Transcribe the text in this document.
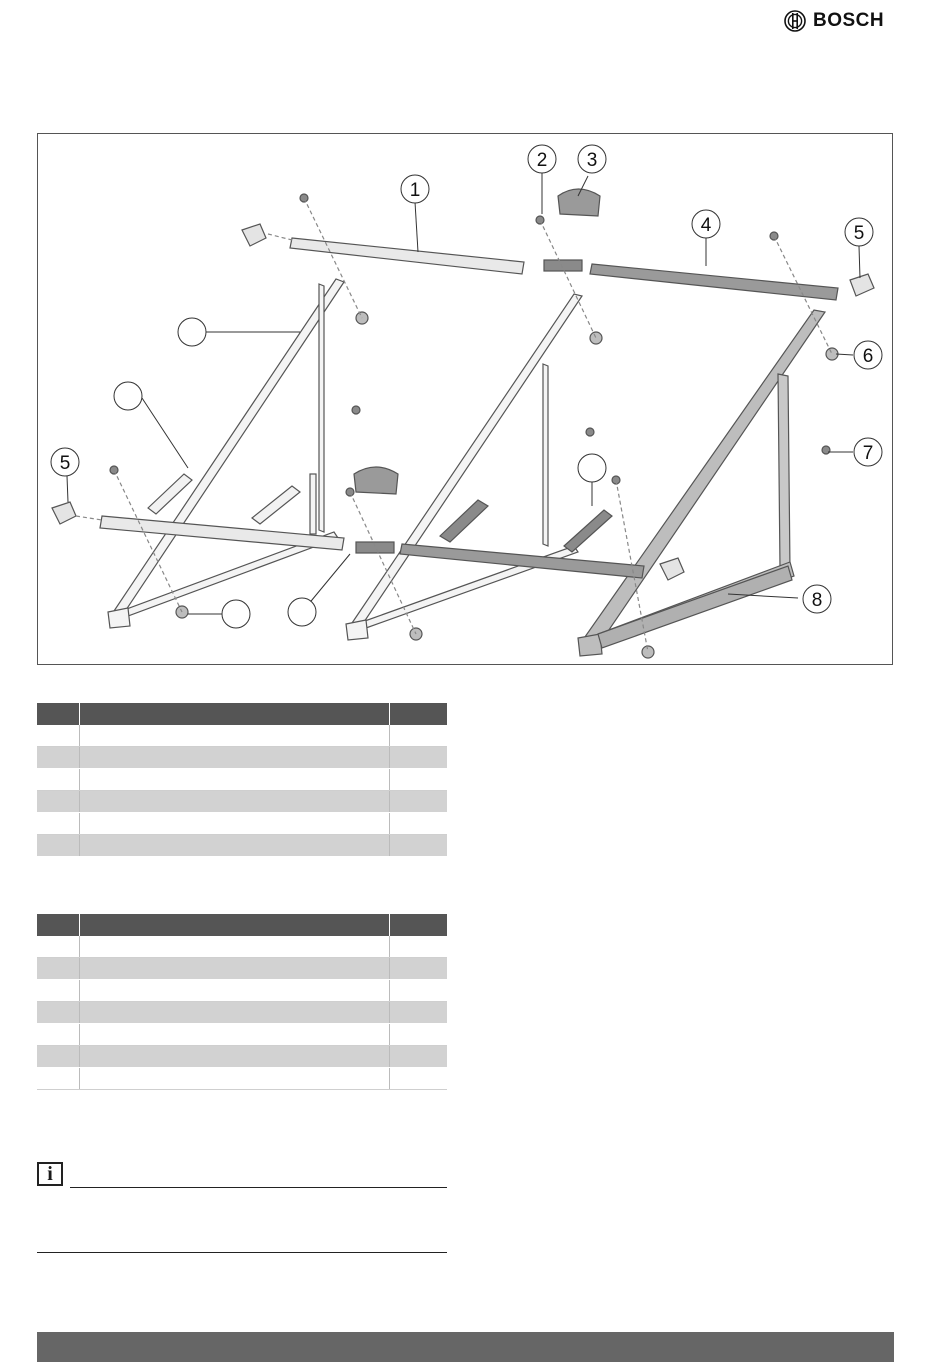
BOSCH
1
2 3
4	5
5
6
7
8

i
